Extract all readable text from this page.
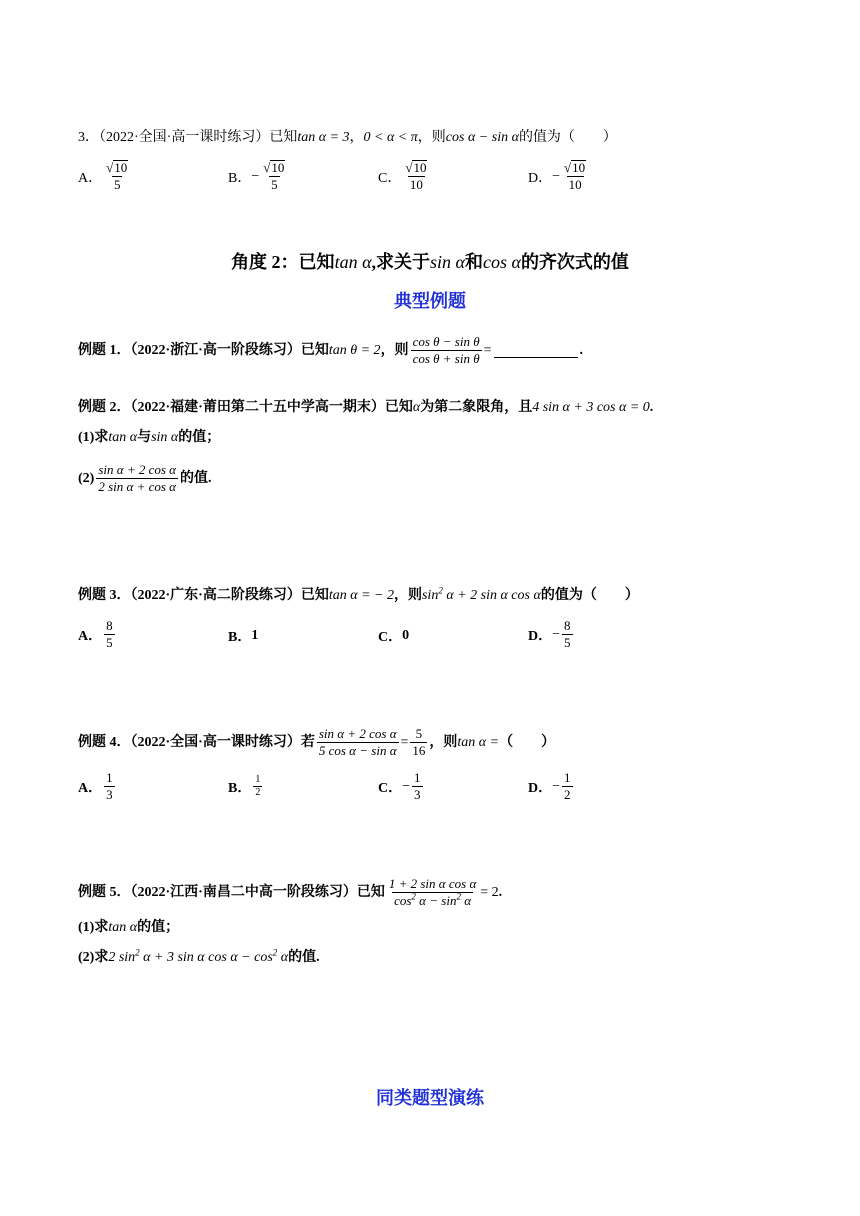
3．（2022·全国·高一课时练习）已知 tan α = 3 ， 0 < α < π ，则 cos α − sin α 的值为（　　）
A． $\frac{√ 10}{5}$	B． − $\frac{√ 10}{5}$	C． $\frac{√ 10}{10}$	D． − $\frac{√ 10}{10}$
角度 2：已知tan α,求关于sin α和cos α的齐次式的值
典型例题
例题 1．（2022·浙江·高一阶段练习）已知 tan θ = 2 ，则 $\frac{\text{cos θ − sin θ}}{\text{cos θ + sin θ}}$ =	.
例题 2．（2022·福建·莆田第二十五中学高一期末）已知 α 为第二象限角，且 4 sin α + 3 cos α = 0 .
(1)求 tan α 与 sin α 的值；
$(2) \frac{\text{sin α + 2 cos α}}{\text{2 sin α + cos α}}$ 的值.
例题 3．（2022·广东·高二阶段练习）已知 tan α = − 2 ，则 $\sin^2 \alpha + 2$ sin α cos α 的值为（　　）
A． $\frac{8}{5}$	B． 1	C． 0	D． − $\frac{8}{5}$
例题 4．（2022·全国·高一课时练习）若 $\frac{\text{sin α + 2 cos α}}{\text{5 cos α − sin α}} = \frac{5}{16}$ ，则 tan α = （　　）
A． $\frac{1}{3}$	B． $\frac{1}{2}$	C． − $\frac{1}{3}$	D． − $\frac{1}{2}$
例题 5．（2022·江西·南昌二中高一阶段练习）已知 $\frac{\text{1 + 2 sin α cos α}}{\cos^2 \alpha - \sin^2 \alpha} = 2$ .
(1)求 tan α 的值；
(2)求 2 $\sin^2 \alpha + 3$ sin α $\cos \alpha - \cos^2 \alpha$ 的值.
同类题型演练
